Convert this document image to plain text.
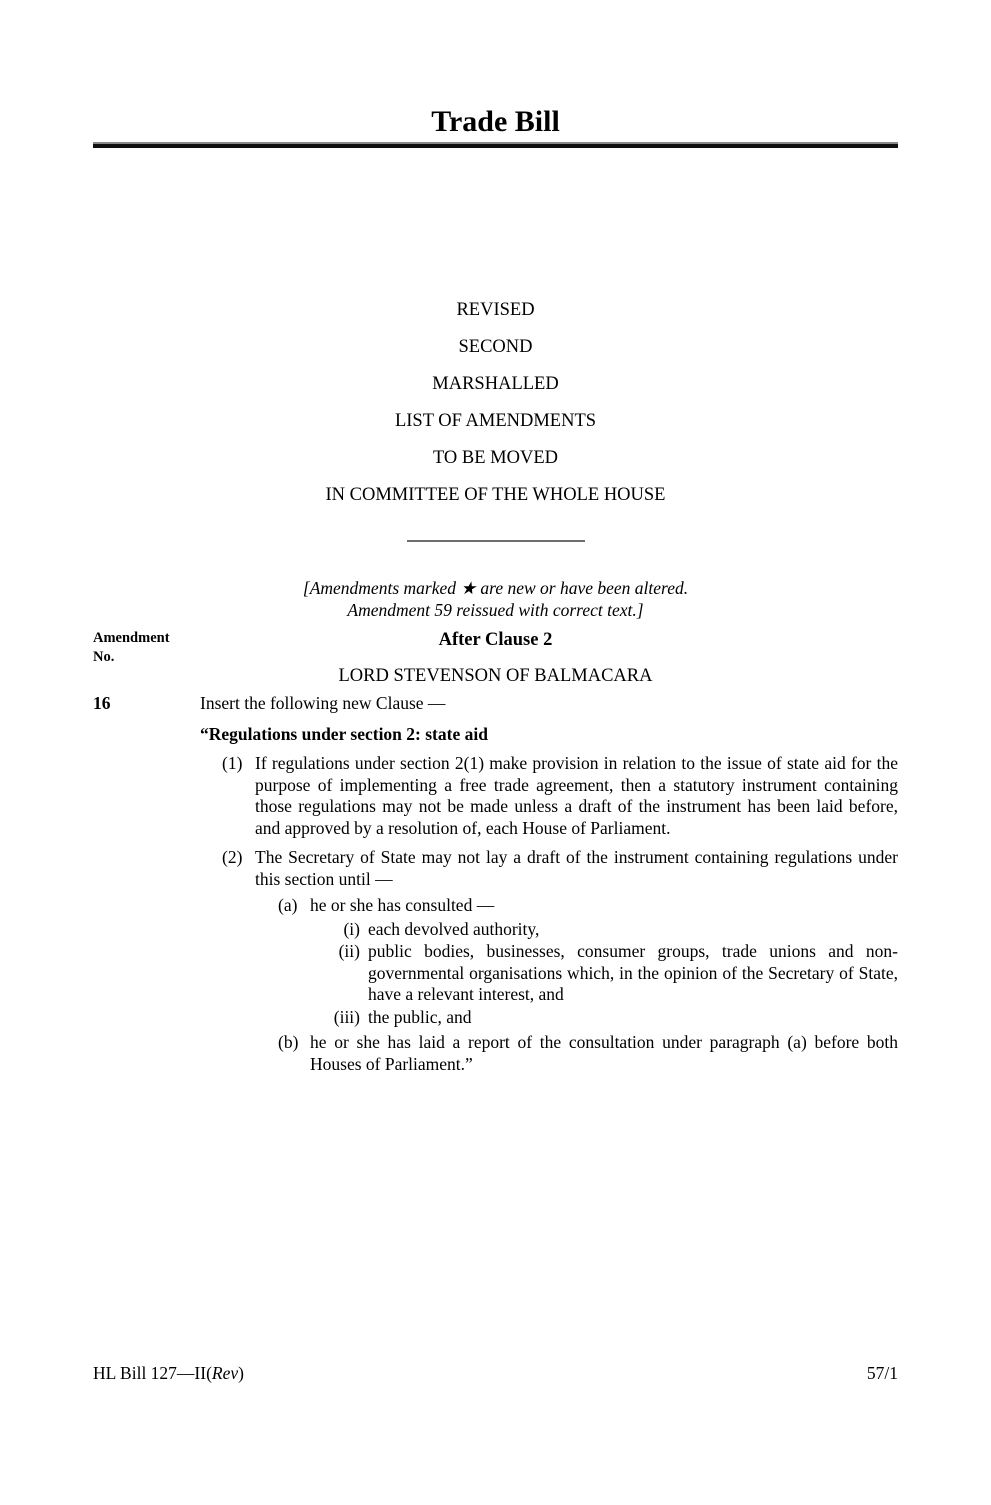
Trade Bill
REVISED
SECOND
MARSHALLED
LIST OF AMENDMENTS
TO BE MOVED
IN COMMITTEE OF THE WHOLE HOUSE
[Amendments marked ★ are new or have been altered.
Amendment 59 reissued with correct text.]
Amendment
No.
After Clause 2
LORD STEVENSON OF BALMACARA
16	Insert the following new Clause —
“Regulations under section 2: state aid
(1) If regulations under section 2(1) make provision in relation to the issue of state aid for the purpose of implementing a free trade agreement, then a statutory instrument containing those regulations may not be made unless a draft of the instrument has been laid before, and approved by a resolution of, each House of Parliament.
(2) The Secretary of State may not lay a draft of the instrument containing regulations under this section until —
(a) he or she has consulted —
(i) each devolved authority,
(ii) public bodies, businesses, consumer groups, trade unions and non-governmental organisations which, in the opinion of the Secretary of State, have a relevant interest, and
(iii) the public, and
(b) he or she has laid a report of the consultation under paragraph (a) before both Houses of Parliament.”
HL Bill 127—II(Rev)	57/1
